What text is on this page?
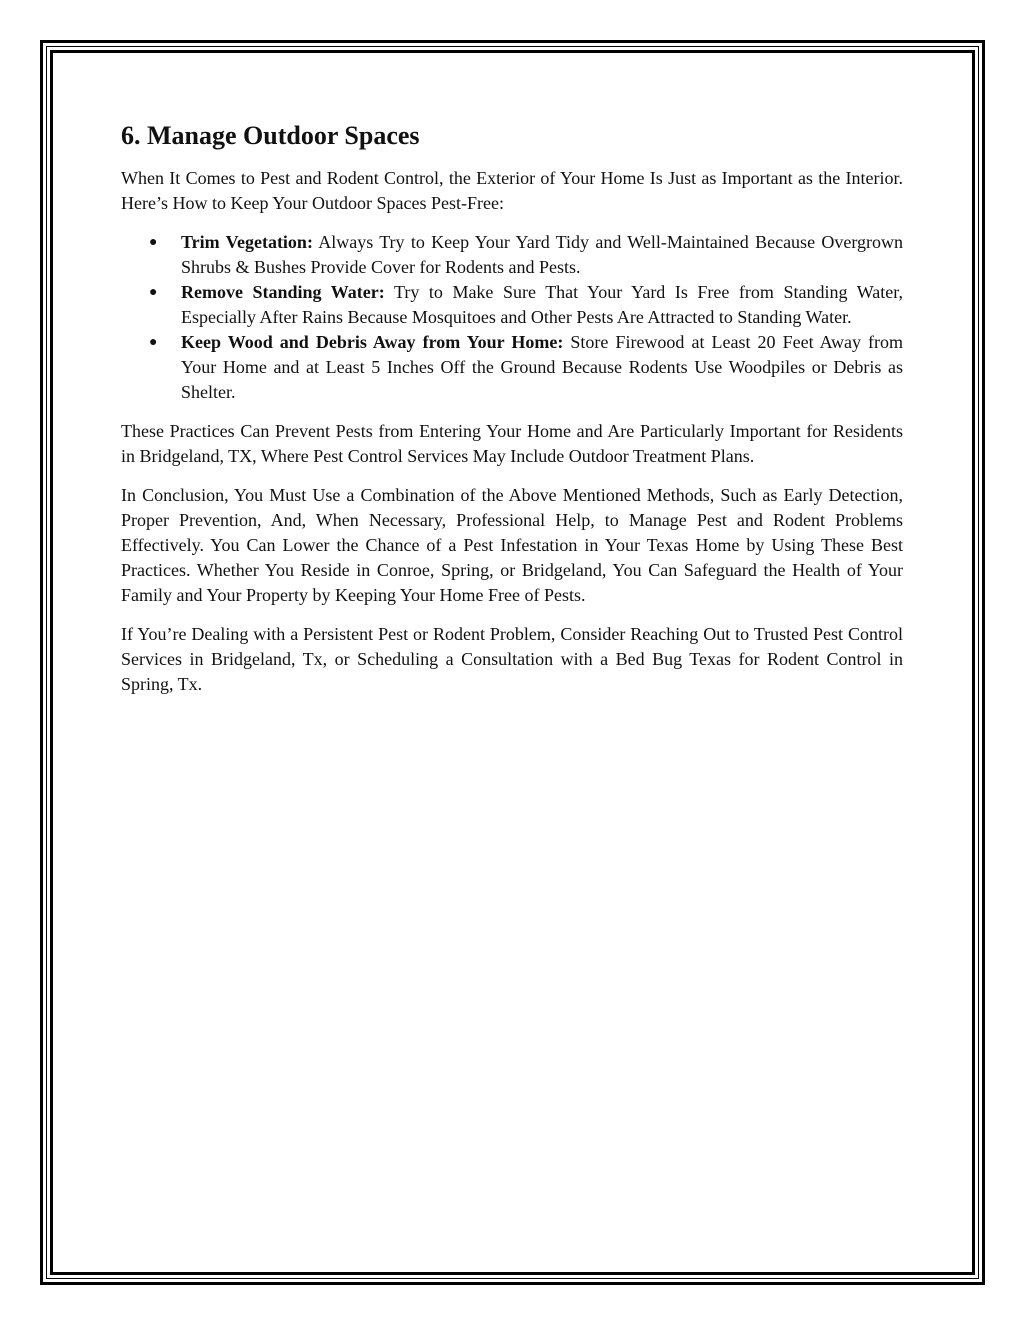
6. Manage Outdoor Spaces

When It Comes to Pest and Rodent Control, the Exterior of Your Home Is Just as Important as the Interior. Here’s How to Keep Your Outdoor Spaces Pest-Free:

● Trim Vegetation: Always Try to Keep Your Yard Tidy and Well-Maintained Because Overgrown Shrubs & Bushes Provide Cover for Rodents and Pests.
● Remove Standing Water: Try to Make Sure That Your Yard Is Free from Standing Water, Especially After Rains Because Mosquitoes and Other Pests Are Attracted to Standing Water.
● Keep Wood and Debris Away from Your Home: Store Firewood at Least 20 Feet Away from Your Home and at Least 5 Inches Off the Ground Because Rodents Use Woodpiles or Debris as Shelter.

These Practices Can Prevent Pests from Entering Your Home and Are Particularly Important for Residents in Bridgeland, TX, Where Pest Control Services May Include Outdoor Treatment Plans.

In Conclusion, You Must Use a Combination of the Above Mentioned Methods, Such as Early Detection, Proper Prevention, And, When Necessary, Professional Help, to Manage Pest and Rodent Problems Effectively. You Can Lower the Chance of a Pest Infestation in Your Texas Home by Using These Best Practices. Whether You Reside in Conroe, Spring, or Bridgeland, You Can Safeguard the Health of Your Family and Your Property by Keeping Your Home Free of Pests.

If You’re Dealing with a Persistent Pest or Rodent Problem, Consider Reaching Out to Trusted Pest Control Services in Bridgeland, Tx, or Scheduling a Consultation with a Bed Bug Texas for Rodent Control in Spring, Tx.
